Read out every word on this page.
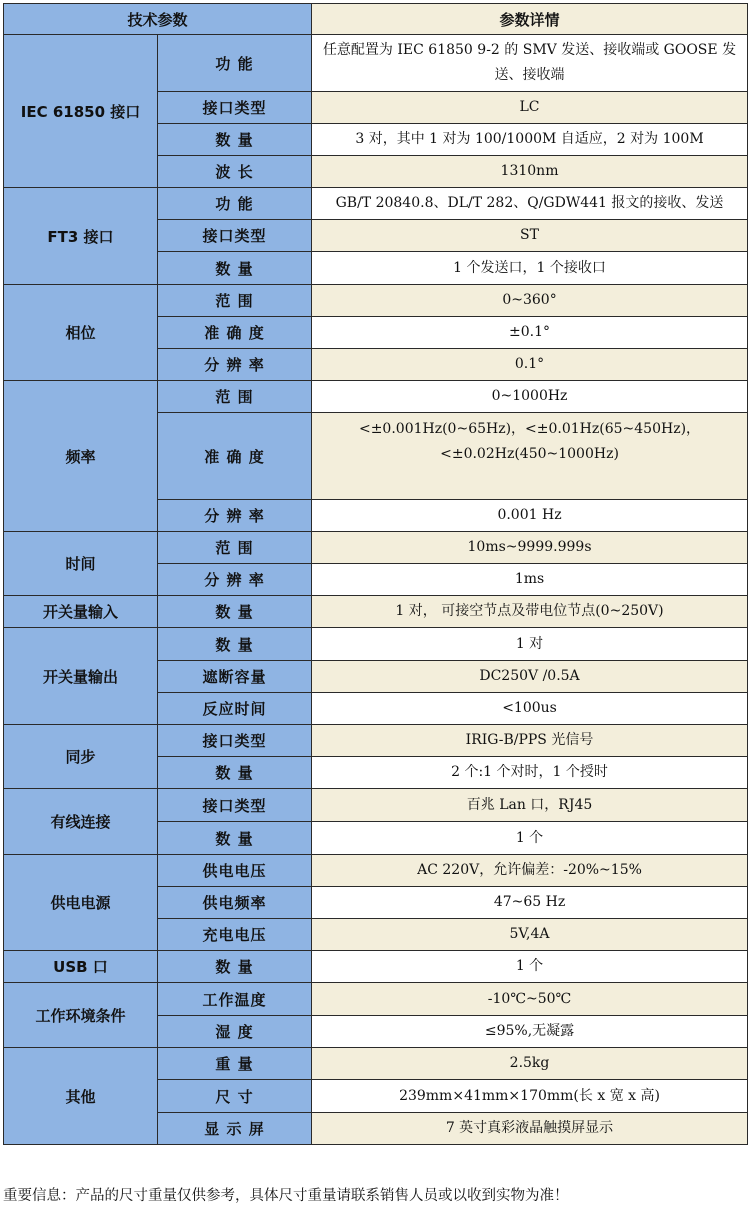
技术参数		参数详情
IEC 61850 接口	功 能	任意配置为 IEC 61850 9-2 的 SMV 发送、接收端或 GOOSE 发送、接收端
	接口类型	LC
	数 量	3 对，其中 1 对为 100/1000M 自适应，2 对为 100M
	波 长	1310nm
FT3 接口	功 能	GB/T 20840.8、DL/T 282、Q/GDW441 报文的接收、发送
	接口类型	ST
	数 量	1 个发送口，1 个接收口
相位	范 围	0~360°
	准 确 度	±0.1°
	分 辨 率	0.1°
频率	范 围	0~1000Hz
	准 确 度	<±0.001Hz(0~65Hz)，<±0.01Hz(65~450Hz)，<±0.02Hz(450~1000Hz)
	分 辨 率	0.001 Hz
时间	范 围	10ms~9999.999s
	分 辨 率	1ms
开关量输入	数 量	1 对， 可接空节点及带电位节点(0~250V)
开关量输出	数 量	1 对
	遮断容量	DC250V /0.5A
	反应时间	<100us
同步	接口类型	IRIG-B/PPS 光信号
	数 量	2 个:1 个对时，1 个授时
有线连接	接口类型	百兆 Lan 口，RJ45
	数 量	1 个
供电电源	供电电压	AC 220V，允许偏差：-20%~15%
	供电频率	47~65 Hz
	充电电压	5V,4A
USB 口	数 量	1 个
工作环境条件	工作温度	-10℃~50℃
	湿 度	≤95%,无凝露
其他	重 量	2.5kg
	尺 寸	239mm×41mm×170mm(长 x 宽 x 高)
	显 示 屏	7 英寸真彩液晶触摸屏显示
重要信息：产品的尺寸重量仅供参考，具体尺寸重量请联系销售人员或以收到实物为准！
